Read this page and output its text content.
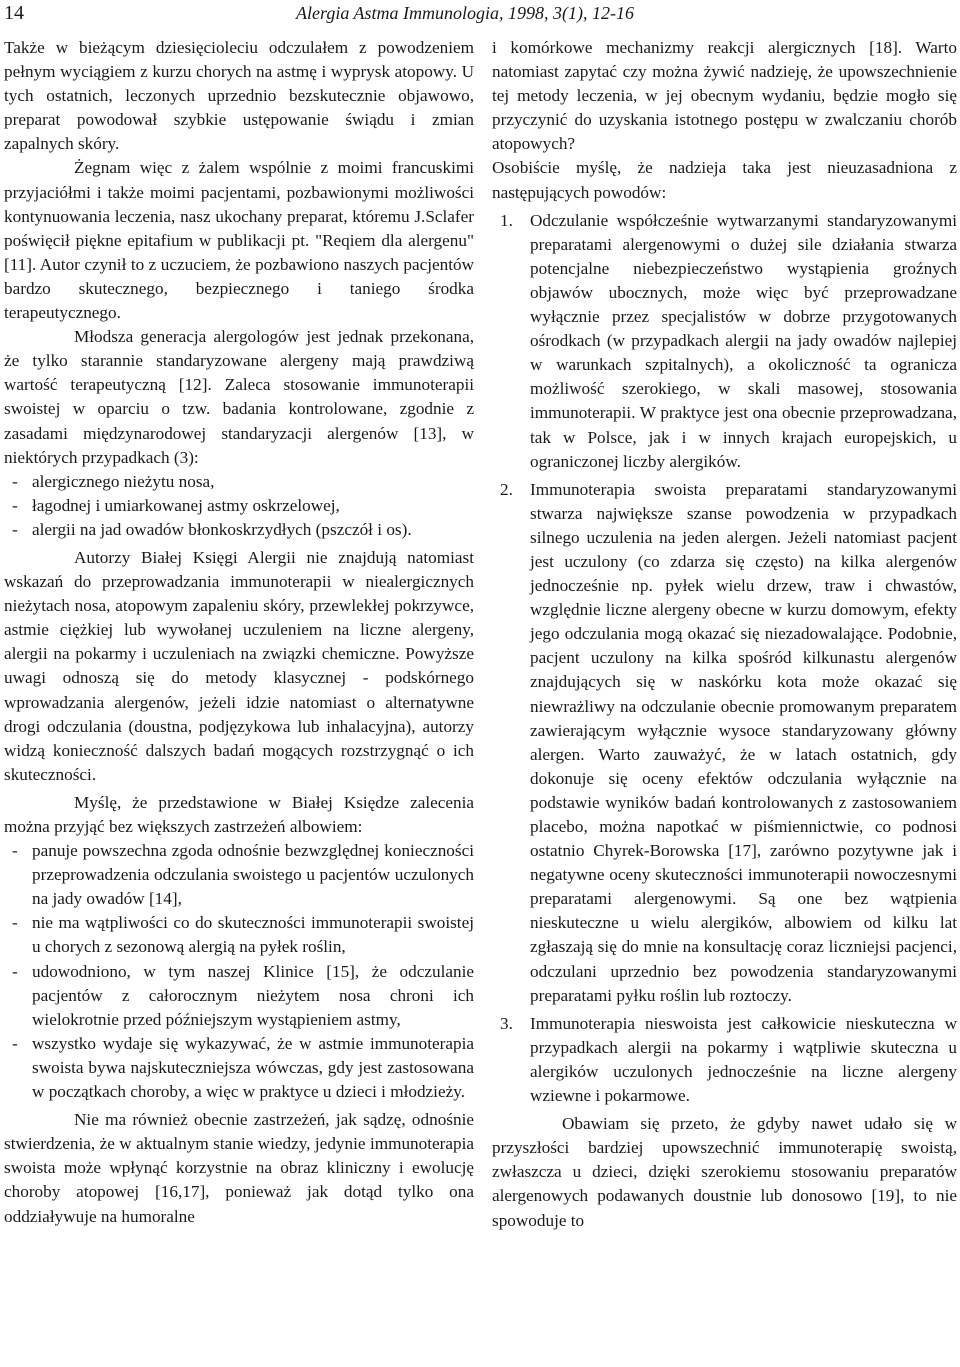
14	Alergia Astma Immunologia, 1998, 3(1), 12-16

Także w bieżącym dziesięcioleciu odczulałem z powodzeniem pełnym wyciągiem z kurzu chorych na astmę i wyprysk atopowy. U tych ostatnich, leczonych uprzednio bezskutecznie objawowo, preparat powodował szybkie ustępowanie świądu i zmian zapalnych skóry.

Żegnam więc z żalem wspólnie z moimi francuskimi przyjaciółmi i także moimi pacjentami, pozbawionymi możliwości kontynuowania leczenia, nasz ukochany preparat, któremu J.Sclafer poświęcił piękne epitafium w publikacji pt. "Reqiem dla alergenu" [11]. Autor czynił to z uczuciem, że pozbawiono naszych pacjentów bardzo skutecznego, bezpiecznego i taniego środka terapeutycznego.

Młodsza generacja alergologów jest jednak przekonana, że tylko starannie standaryzowane alergeny mają prawdziwą wartość terapeutyczną [12]. Zaleca stosowanie immunoterapii swoistej w oparciu o tzw. badania kontrolowane, zgodnie z zasadami międzynarodowej standaryzacji alergenów [13], w niektórych przypadkach (3):

- alergicznego nieżytu nosa,
- łagodnej i umiarkowanej astmy oskrzelowej,
- alergii na jad owadów błonkoskrzydłych (pszczół i os).

Autorzy Białej Księgi Alergii nie znajdują natomiast wskazań do przeprowadzania immunoterapii w niealergicznych nieżytach nosa, atopowym zapaleniu skóry, przewlekłej pokrzywce, astmie ciężkiej lub wywołanej uczuleniem na liczne alergeny, alergii na pokarmy i uczuleniach na związki chemiczne. Powyższe uwagi odnoszą się do metody klasycznej - podskórnego wprowadzania alergenów, jeżeli idzie natomiast o alternatywne drogi odczulania (doustna, podjęzykowa lub inhalacyjna), autorzy widzą konieczność dalszych badań mogących rozstrzygnąć o ich skuteczności.

Myślę, że przedstawione w Białej Księdze zalecenia można przyjąć bez większych zastrzeżeń albowiem:

- panuje powszechna zgoda odnośnie bezwzględnej konieczności przeprowadzenia odczulania swoistego u pacjentów uczulonych na jady owadów [14],
- nie ma wątpliwości co do skuteczności immunoterapii swoistej u chorych z sezonową alergią na pyłek roślin,
- udowodniono, w tym naszej Klinice [15], że odczulanie pacjentów z całorocznym nieżytem nosa chroni ich wielokrotnie przed późniejszym wystąpieniem astmy,
- wszystko wydaje się wykazywać, że w astmie immunoterapia swoista bywa najskuteczniejsza wówczas, gdy jest zastosowana w początkach choroby, a więc w praktyce u dzieci i młodzieży.

Nie ma również obecnie zastrzeżeń, jak sądzę, odnośnie stwierdzenia, że w aktualnym stanie wiedzy, jedynie immunoterapia swoista może wpłynąć korzystnie na obraz kliniczny i ewolucję choroby atopowej [16,17], ponieważ jak dotąd tylko ona oddziaływuje na humoralne

i komórkowe mechanizmy reakcji alergicznych [18]. Warto natomiast zapytać czy można żywić nadzieję, że upowszechnienie tej metody leczenia, w jej obecnym wydaniu, będzie mogło się przyczynić do uzyskania istotnego postępu w zwalczaniu chorób atopowych?

Osobiście myślę, że nadzieja taka jest nieuzasadniona z następujących powodów:

1. Odczulanie współcześnie wytwarzanymi standaryzowanymi preparatami alergenowymi o dużej sile działania stwarza potencjalne niebezpieczeństwo wystąpienia groźnych objawów ubocznych, może więc być przeprowadzane wyłącznie przez specjalistów w dobrze przygotowanych ośrodkach (w przypadkach alergii na jady owadów najlepiej w warunkach szpitalnych), a okoliczność ta ogranicza możliwość szerokiego, w skali masowej, stosowania immunoterapii. W praktyce jest ona obecnie przeprowadzana, tak w Polsce, jak i w innych krajach europejskich, u ograniczonej liczby alergików.
2. Immunoterapia swoista preparatami standaryzowanymi stwarza największe szanse powodzenia w przypadkach silnego uczulenia na jeden alergen. Jeżeli natomiast pacjent jest uczulony (co zdarza się często) na kilka alergenów jednocześnie np. pyłek wielu drzew, traw i chwastów, względnie liczne alergeny obecne w kurzu domowym, efekty jego odczulania mogą okazać się niezadowalające. Podobnie, pacjent uczulony na kilka spośród kilkunastu alergenów znajdujących się w naskórku kota może okazać się niewrażliwy na odczulanie obecnie promowanym preparatem zawierającym wyłącznie wysoce standaryzowany główny alergen. Warto zauważyć, że w latach ostatnich, gdy dokonuje się oceny efektów odczulania wyłącznie na podstawie wyników badań kontrolowanych z zastosowaniem placebo, można napotkać w piśmiennictwie, co podnosi ostatnio Chyrek-Borowska [17], zarówno pozytywne jak i negatywne oceny skuteczności immunoterapii nowoczesnymi preparatami alergenowymi. Są one bez wątpienia nieskuteczne u wielu alergików, albowiem od kilku lat zgłaszają się do mnie na konsultację coraz liczniejsi pacjenci, odczulani uprzednio bez powodzenia standaryzowanymi preparatami pyłku roślin lub roztoczy.
3. Immunoterapia nieswoista jest całkowicie nieskuteczna w przypadkach alergii na pokarmy i wątpliwie skuteczna u alergików uczulonych jednocześnie na liczne alergeny wziewne i pokarmowe.

Obawiam się przeto, że gdyby nawet udało się w przyszłości bardziej upowszechnić immunoterapię swoistą, zwłaszcza u dzieci, dzięki szerokiemu stosowaniu preparatów alergenowych podawanych doustnie lub donosowo [19], to nie spowoduje to
